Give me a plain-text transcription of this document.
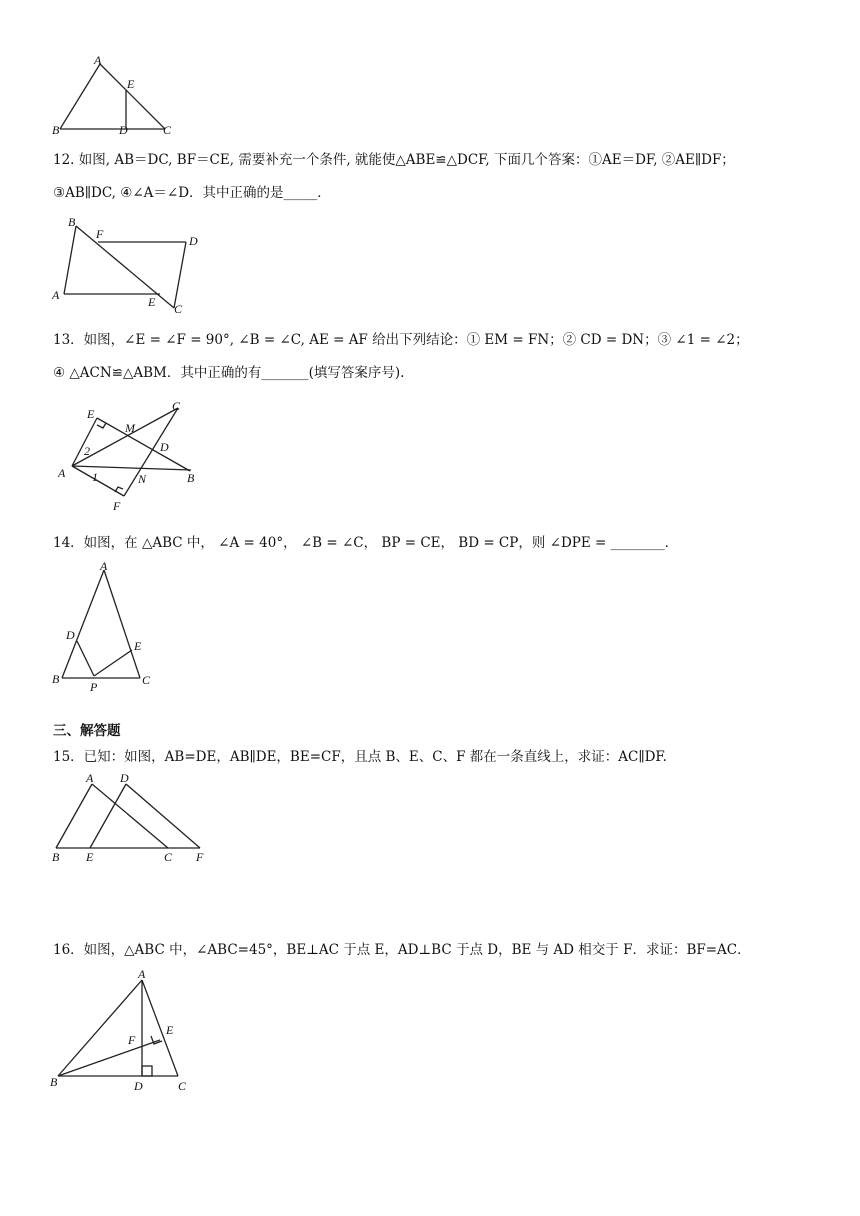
A
E
B	D	C
12. 如图, AB＝DC, BF＝CE, 需要补充一个条件, 就能使△ABE≌△DCF, 下面几个答案：①AE＝DF, ②AE∥DF；
③AB∥DC, ④∠A＝∠D．其中正确的是_____．
B
F	D
A	E C
13．如图，∠E = ∠F = 90°, ∠B = ∠C, AE = AF 给出下列结论：① EM = FN；② CD = DN；③ ∠1 = ∠2；
④ △ACN≌△ABM．其中正确的有_______(填写答案序号).
E
C
M
D
2
A 1	N	B
F
14．如图，在 △ABC 中， ∠A = 40°， ∠B = ∠C， BP = CE， BD = CP，则 ∠DPE = ________．
A
D
E
B
P	C
三、解答题
15．已知：如图，AB=DE，AB∥DE，BE=CF，且点 B、E、C、F 都在一条直线上，求证：AC∥DF.
A D
B E	C F
16．如图，△ABC 中，∠ABC=45°，BE⊥AC 于点 E，AD⊥BC 于点 D，BE 与 AD 相交于 F．求证：BF=AC．
A
E
F
B	D	C
